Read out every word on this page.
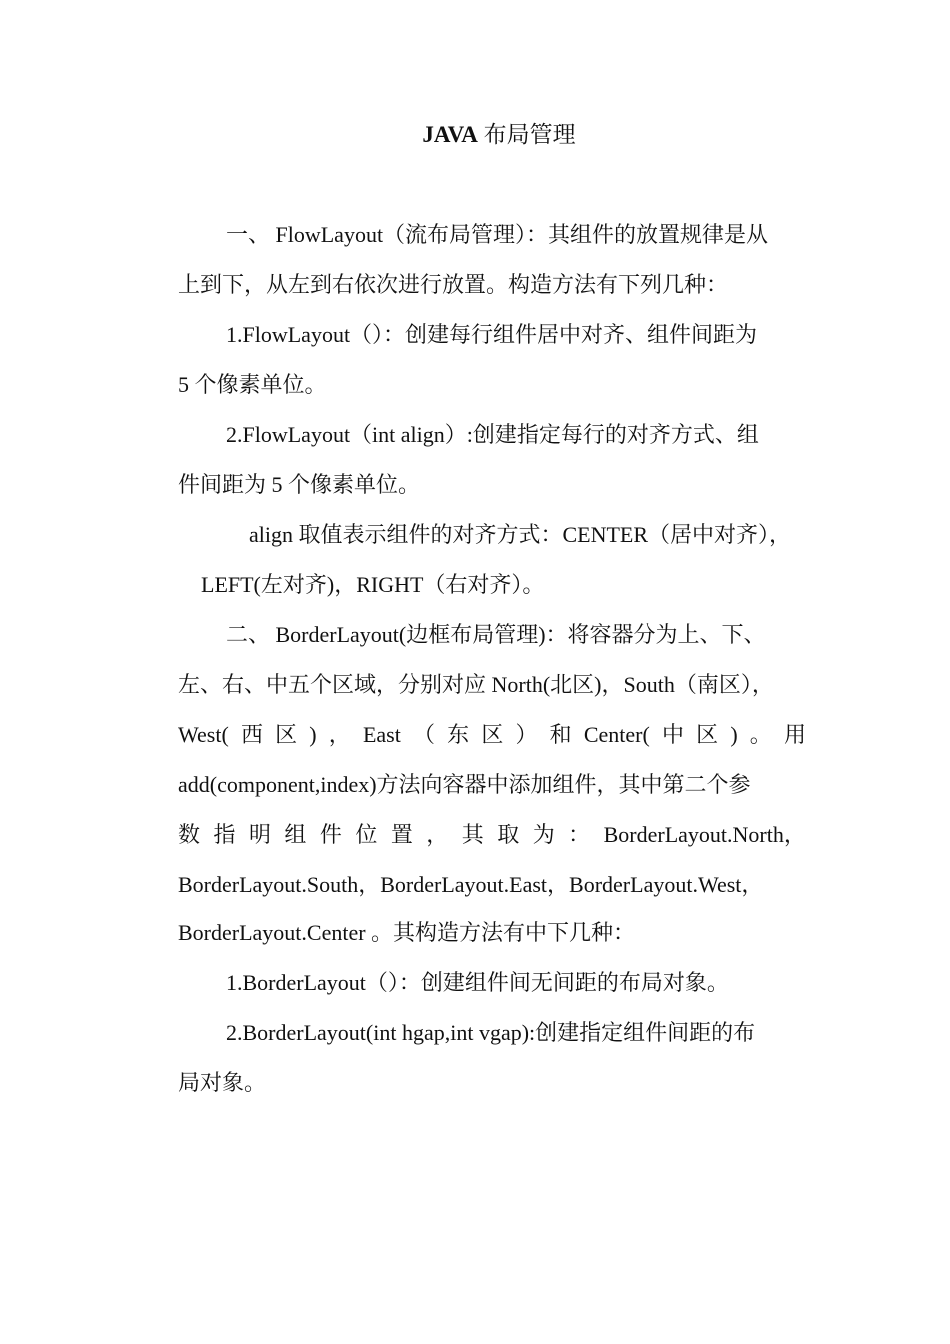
JAVA 布局管理
一、 FlowLayout（流布局管理）：其组件的放置规律是从
上到下，从左到右依次进行放置。构造方法有下列几种：
1.FlowLayout（）：创建每行组件居中对齐、组件间距为
5 个像素单位。
2.FlowLayout（int align）:创建指定每行的对齐方式、组
件间距为 5 个像素单位。
align 取值表示组件的对齐方式：CENTER（居中对齐），
LEFT(左对齐)，RIGHT（右对齐）。
二、 BorderLayout(边框布局管理)：将容器分为上、下、
左、右、中五个区域，分别对应 North(北区)，South（南区），
West( 西 区 ) ， East （ 东 区 ） 和 Center( 中 区 ) 。 用
add(component,index)方法向容器中添加组件，其中第二个参
数 指 明 组 件 位 置 ， 其 取 为 ： BorderLayout.North，
BorderLayout.South，BorderLayout.East，BorderLayout.West，
BorderLayout.Center 。其构造方法有中下几种：
1.BorderLayout（）：创建组件间无间距的布局对象。
2.BorderLayout(int hgap,int vgap):创建指定组件间距的布
局对象。
